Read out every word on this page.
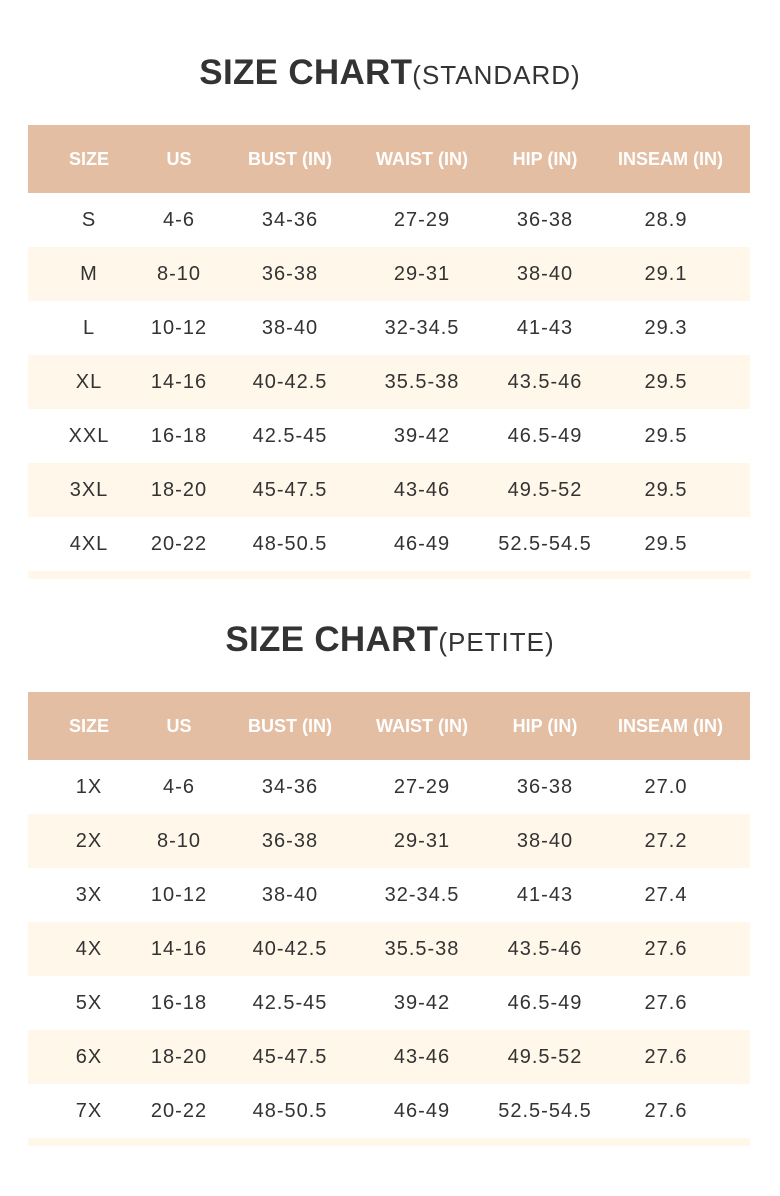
SIZE CHART(STANDARD)
SIZE	US	BUST (IN)	WAIST (IN)	HIP (IN)	INSEAM (IN)
S	4-6	34-36	27-29	36-38	28.9
M	8-10	36-38	29-31	38-40	29.1
L	10-12	38-40	32-34.5	41-43	29.3
XL	14-16	40-42.5	35.5-38	43.5-46	29.5
XXL	16-18	42.5-45	39-42	46.5-49	29.5
3XL	18-20	45-47.5	43-46	49.5-52	29.5
4XL	20-22	48-50.5	46-49	52.5-54.5	29.5
SIZE CHART(PETITE)
SIZE	US	BUST (IN)	WAIST (IN)	HIP (IN)	INSEAM (IN)
1X	4-6	34-36	27-29	36-38	27.0
2X	8-10	36-38	29-31	38-40	27.2
3X	10-12	38-40	32-34.5	41-43	27.4
4X	14-16	40-42.5	35.5-38	43.5-46	27.6
5X	16-18	42.5-45	39-42	46.5-49	27.6
6X	18-20	45-47.5	43-46	49.5-52	27.6
7X	20-22	48-50.5	46-49	52.5-54.5	27.6
